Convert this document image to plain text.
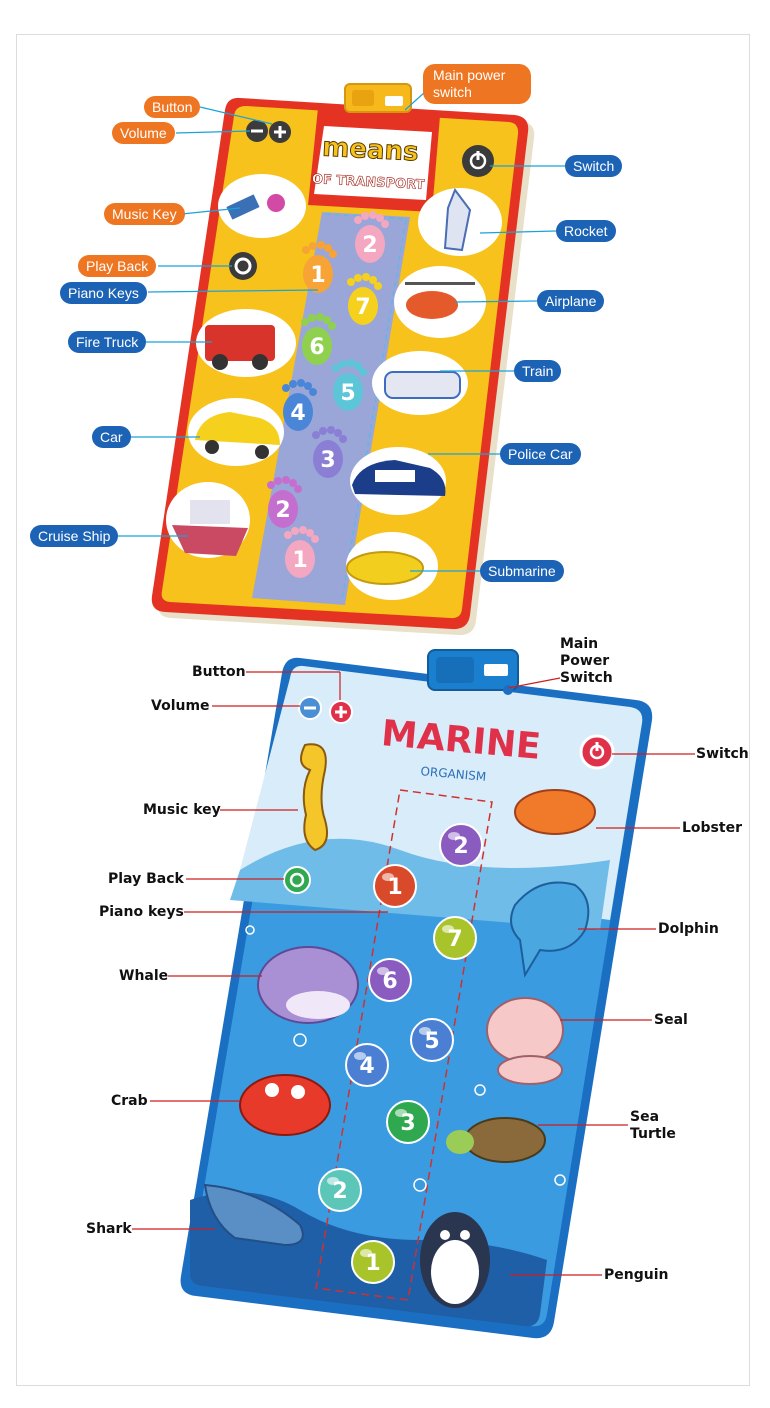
means
OF TRANSPORT
2
1
7
6
5
4
3
2
1
MARINE
ORGANISM
2
1
7
6
5
4
3
2
1
Main power switch
Button
Volume
Music Key
Play Back
Piano Keys
Fire Truck
Car
Cruise Ship
Switch
Rocket
Airplane
Train
Police Car
Submarine
Main Power Switch
Button
Volume
Music key
Play Back
Piano keys
Whale
Crab
Shark
Switch
Lobster
Dolphin
Seal
Sea Turtle
Penguin
